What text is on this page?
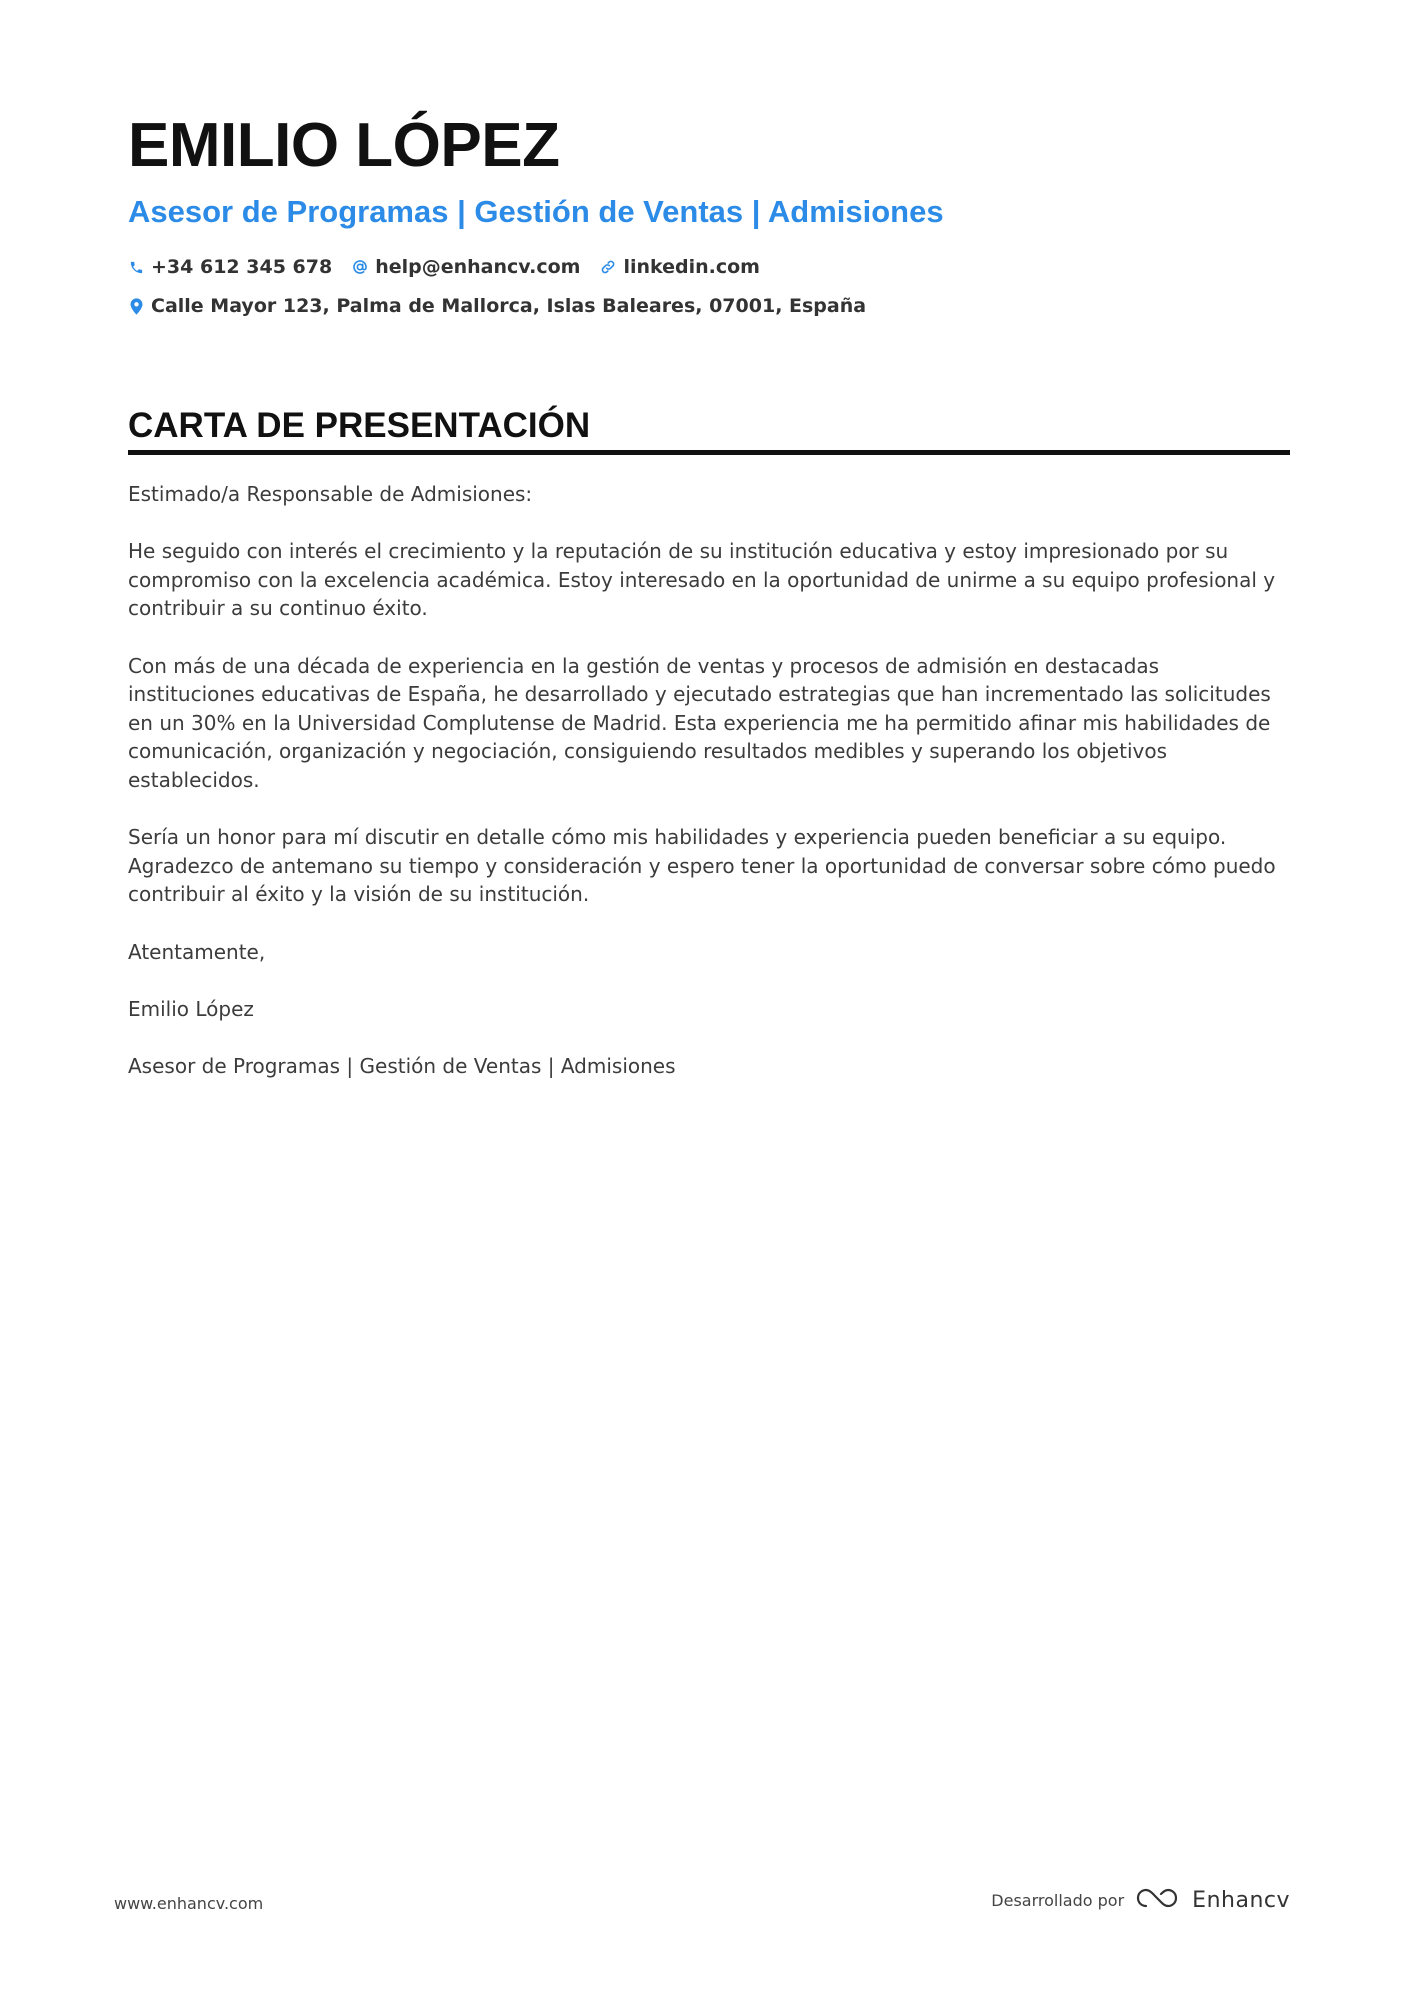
EMILIO LÓPEZ
Asesor de Programas | Gestión de Ventas | Admisiones
+34 612 345 678 help@enhancv.com linkedin.com
Calle Mayor 123, Palma de Mallorca, Islas Baleares, 07001, España
CARTA DE PRESENTACIÓN

Estimado/a Responsable de Admisiones:

He seguido con interés el crecimiento y la reputación de su institución educativa y estoy impresionado por su compromiso con la excelencia académica. Estoy interesado en la oportunidad de unirme a su equipo profesional y contribuir a su continuo éxito.

Con más de una década de experiencia en la gestión de ventas y procesos de admisión en destacadas instituciones educativas de España, he desarrollado y ejecutado estrategias que han incrementado las solicitudes en un 30% en la Universidad Complutense de Madrid. Esta experiencia me ha permitido afinar mis habilidades de comunicación, organización y negociación, consiguiendo resultados medibles y superando los objetivos establecidos.

Sería un honor para mí discutir en detalle cómo mis habilidades y experiencia pueden beneficiar a su equipo. Agradezco de antemano su tiempo y consideración y espero tener la oportunidad de conversar sobre cómo puedo contribuir al éxito y la visión de su institución.

Atentamente,

Emilio López

Asesor de Programas | Gestión de Ventas | Admisiones

www.enhancv.com	Desarrollado por	Enhancv
